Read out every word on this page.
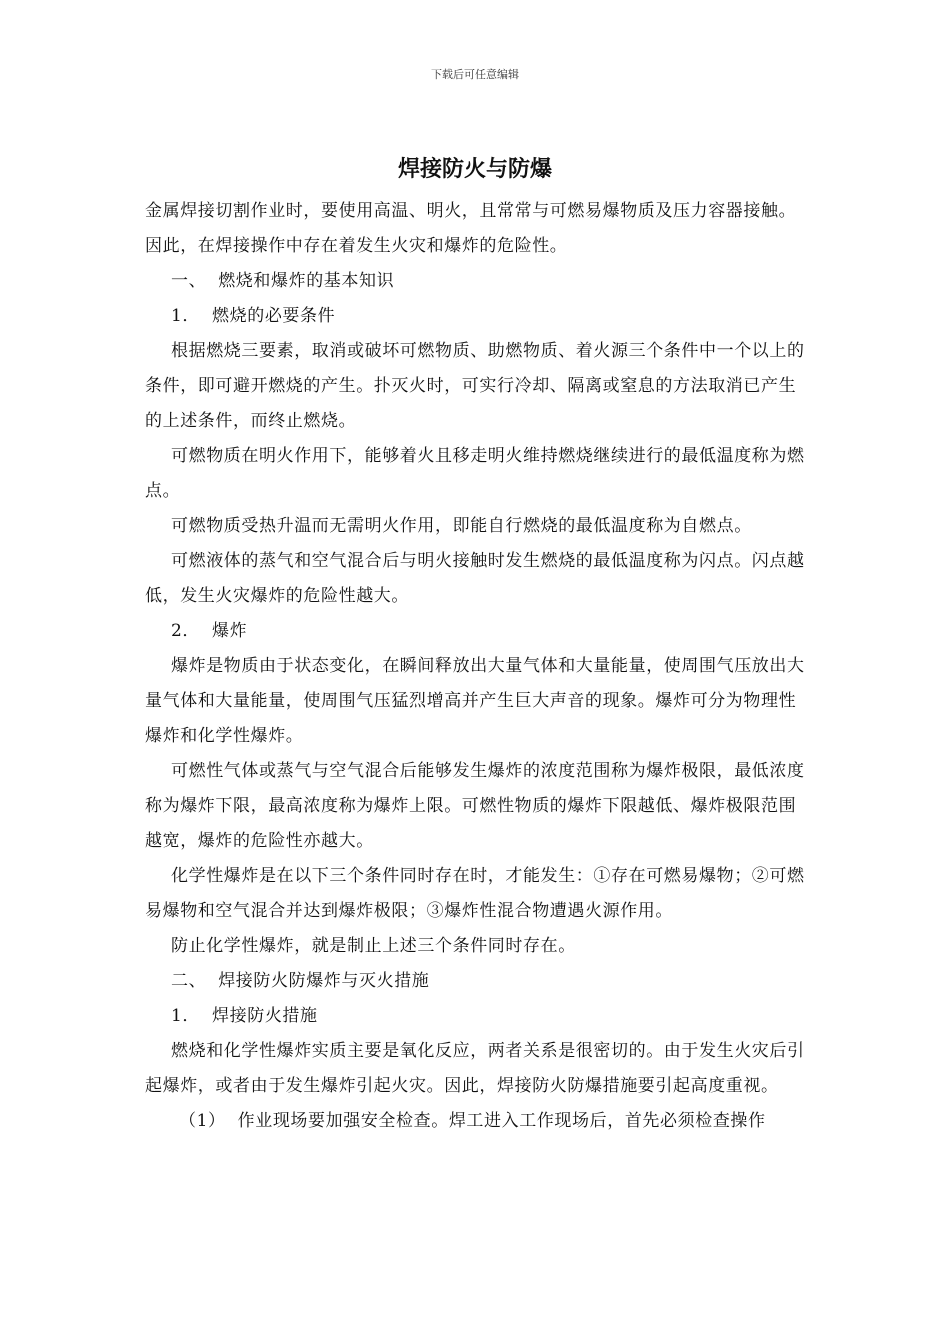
下载后可任意编辑
焊接防火与防爆

金属焊接切割作业时，要使用高温、明火，且常常与可燃易爆物质及压力容器接触。因此，在焊接操作中存在着发生火灾和爆炸的危险性。

一、  燃烧和爆炸的基本知识

1．  燃烧的必要条件

根据燃烧三要素，取消或破坏可燃物质、助燃物质、着火源三个条件中一个以上的条件，即可避开燃烧的产生。扑灭火时，可实行冷却、隔离或窒息的方法取消已产生的上述条件，而终止燃烧。

可燃物质在明火作用下，能够着火且移走明火维持燃烧继续进行的最低温度称为燃点。

可燃物质受热升温而无需明火作用，即能自行燃烧的最低温度称为自燃点。

可燃液体的蒸气和空气混合后与明火接触时发生燃烧的最低温度称为闪点。闪点越低，发生火灾爆炸的危险性越大。

2．  爆炸

爆炸是物质由于状态变化，在瞬间释放出大量气体和大量能量，使周围气压放出大量气体和大量能量，使周围气压猛烈增高并产生巨大声音的现象。爆炸可分为物理性爆炸和化学性爆炸。

可燃性气体或蒸气与空气混合后能够发生爆炸的浓度范围称为爆炸极限，最低浓度称为爆炸下限，最高浓度称为爆炸上限。可燃性物质的爆炸下限越低、爆炸极限范围越宽，爆炸的危险性亦越大。

化学性爆炸是在以下三个条件同时存在时，才能发生：①存在可燃易爆物；②可燃易爆物和空气混合并达到爆炸极限；③爆炸性混合物遭遇火源作用。

防止化学性爆炸，就是制止上述三个条件同时存在。

二、  焊接防火防爆炸与灭火措施

1．  焊接防火措施

燃烧和化学性爆炸实质主要是氧化反应，两者关系是很密切的。由于发生火灾后引起爆炸，或者由于发生爆炸引起火灾。因此，焊接防火防爆措施要引起高度重视。

（1）  作业现场要加强安全检查。焊工进入工作现场后，首先必须检查操作
